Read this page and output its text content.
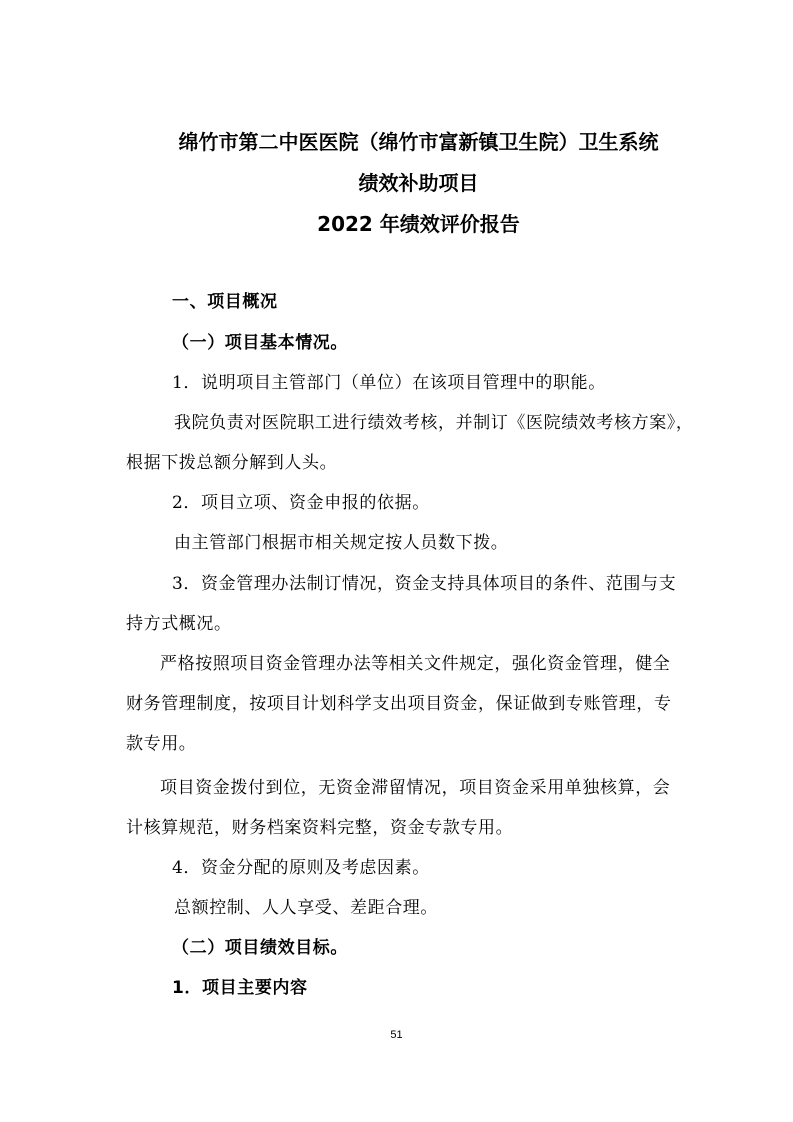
绵竹市第二中医医院（绵竹市富新镇卫生院）卫生系统
绩效补助项目
2022 年绩效评价报告
一、项目概况
（一）项目基本情况。
1．说明项目主管部门（单位）在该项目管理中的职能。
我院负责对医院职工进行绩效考核，并制订《医院绩效考核方案》，
根据下拨总额分解到人头。
2．项目立项、资金申报的依据。
由主管部门根据市相关规定按人员数下拨。
3．资金管理办法制订情况，资金支持具体项目的条件、范围与支
持方式概况。
严格按照项目资金管理办法等相关文件规定，强化资金管理，健全
财务管理制度，按项目计划科学支出项目资金，保证做到专账管理，专
款专用。
项目资金拨付到位，无资金滞留情况，项目资金采用单独核算，会
计核算规范，财务档案资料完整，资金专款专用。
4．资金分配的原则及考虑因素。
总额控制、人人享受、差距合理。
（二）项目绩效目标。
1．项目主要内容
51
